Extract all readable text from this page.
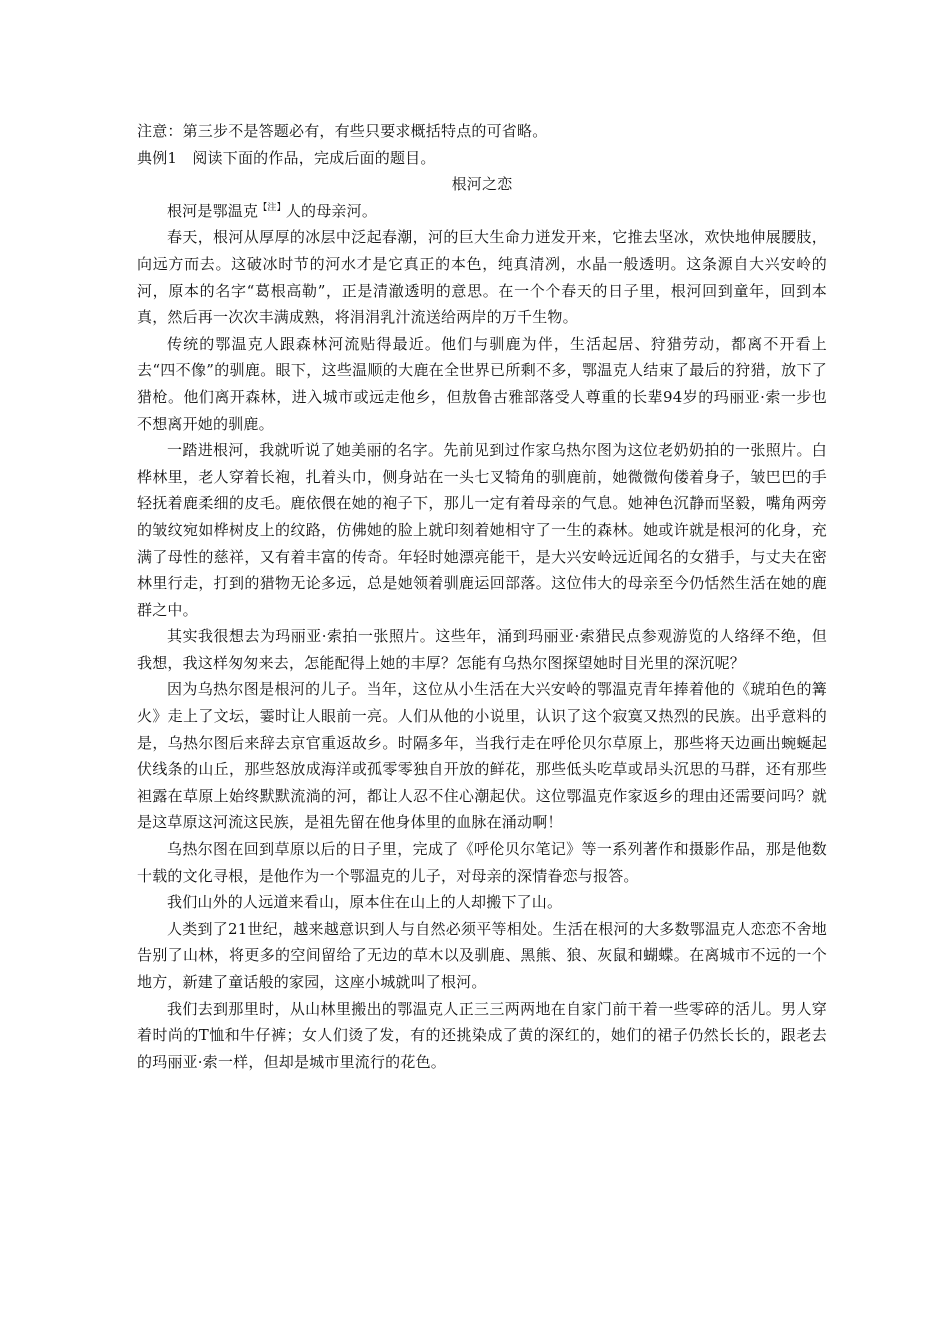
注意：第三步不是答题必有，有些只要求概括特点的可省略。

典例1　阅读下面的作品，完成后面的题目。

根河之恋

根河是鄂温克$^{【注】}$人的母亲河。

春天，根河从厚厚的冰层中泛起春潮，河的巨大生命力迸发开来，它推去坚冰，欢快地伸展腰肢，向远方而去。这破冰时节的河水才是它真正的本色，纯真清冽，水晶一般透明。这条源自大兴安岭的河，原本的名字“葛根高勒”，正是清澈透明的意思。在一个个春天的日子里，根河回到童年，回到本真，然后再一次次丰满成熟，将涓涓乳汁流送给两岸的万千生物。

传统的鄂温克人跟森林河流贴得最近。他们与驯鹿为伴，生活起居、狩猎劳动，都离不开看上去“四不像”的驯鹿。眼下，这些温顺的大鹿在全世界已所剩不多，鄂温克人结束了最后的狩猎，放下了猎枪。他们离开森林，进入城市或远走他乡，但敖鲁古雅部落受人尊重的长辈94岁的玛丽亚·索一步也不想离开她的驯鹿。

一踏进根河，我就听说了她美丽的名字。先前见到过作家乌热尔图为这位老奶奶拍的一张照片。白桦林里，老人穿着长袍，扎着头巾，侧身站在一头七叉犄角的驯鹿前，她微微佝偻着身子，皱巴巴的手轻抚着鹿柔细的皮毛。鹿依偎在她的袍子下，那儿一定有着母亲的气息。她神色沉静而坚毅，嘴角两旁的皱纹宛如桦树皮上的纹路，仿佛她的脸上就印刻着她相守了一生的森林。她或许就是根河的化身，充满了母性的慈祥，又有着丰富的传奇。年轻时她漂亮能干，是大兴安岭远近闻名的女猎手，与丈夫在密林里行走，打到的猎物无论多远，总是她领着驯鹿运回部落。这位伟大的母亲至今仍恬然生活在她的鹿群之中。

其实我很想去为玛丽亚·索拍一张照片。这些年，涌到玛丽亚·索猎民点参观游览的人络绎不绝，但我想，我这样匆匆来去，怎能配得上她的丰厚？怎能有乌热尔图探望她时目光里的深沉呢？

因为乌热尔图是根河的儿子。当年，这位从小生活在大兴安岭的鄂温克青年捧着他的《琥珀色的篝火》走上了文坛，霎时让人眼前一亮。人们从他的小说里，认识了这个寂寞又热烈的民族。出乎意料的是，乌热尔图后来辞去京官重返故乡。时隔多年，当我行走在呼伦贝尔草原上，那些将天边画出蜿蜒起伏线条的山丘，那些怒放成海洋或孤零零独自开放的鲜花，那些低头吃草或昂头沉思的马群，还有那些袒露在草原上始终默默流淌的河，都让人忍不住心潮起伏。这位鄂温克作家返乡的理由还需要问吗？就是这草原这河流这民族，是祖先留在他身体里的血脉在涌动啊！

乌热尔图在回到草原以后的日子里，完成了《呼伦贝尔笔记》等一系列著作和摄影作品，那是他数十载的文化寻根，是他作为一个鄂温克的儿子，对母亲的深情眷恋与报答。

我们山外的人远道来看山，原本住在山上的人却搬下了山。

人类到了21世纪，越来越意识到人与自然必须平等相处。生活在根河的大多数鄂温克人恋恋不舍地告别了山林，将更多的空间留给了无边的草木以及驯鹿、黑熊、狼、灰鼠和蝴蝶。在离城市不远的一个地方，新建了童话般的家园，这座小城就叫了根河。

我们去到那里时，从山林里搬出的鄂温克人正三三两两地在自家门前干着一些零碎的活儿。男人穿着时尚的T恤和牛仔裤；女人们烫了发，有的还挑染成了黄的深红的，她们的裙子仍然长长的，跟老去的玛丽亚·索一样，但却是城市里流行的花色。
